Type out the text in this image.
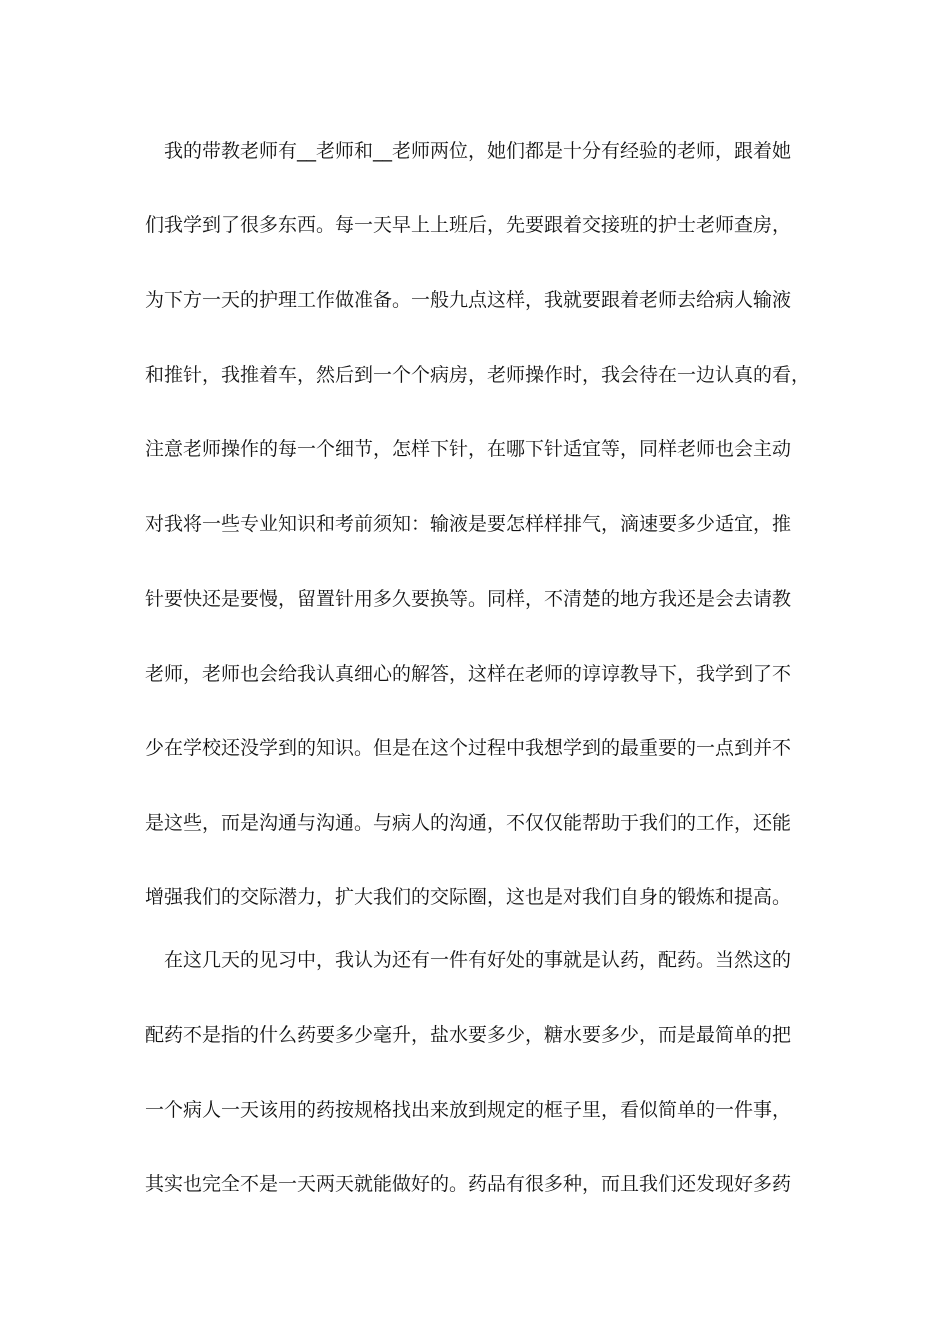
我的带教老师有__老师和__老师两位，她们都是十分有经验的老师，跟着她
们我学到了很多东西。每一天早上上班后，先要跟着交接班的护士老师查房，
为下方一天的护理工作做准备。一般九点这样，我就要跟着老师去给病人输液
和推针，我推着车，然后到一个个病房，老师操作时，我会待在一边认真的看，
注意老师操作的每一个细节，怎样下针，在哪下针适宜等，同样老师也会主动
对我将一些专业知识和考前须知：输液是要怎样样排气，滴速要多少适宜，推
针要快还是要慢，留置针用多久要换等。同样，不清楚的地方我还是会去请教
老师，老师也会给我认真细心的解答，这样在老师的谆谆教导下，我学到了不
少在学校还没学到的知识。但是在这个过程中我想学到的最重要的一点到并不
是这些，而是沟通与沟通。与病人的沟通，不仅仅能帮助于我们的工作，还能
增强我们的交际潜力，扩大我们的交际圈，这也是对我们自身的锻炼和提高。
在这几天的见习中，我认为还有一件有好处的事就是认药，配药。当然这的
配药不是指的什么药要多少毫升，盐水要多少，糖水要多少，而是最简单的把
一个病人一天该用的药按规格找出来放到规定的框子里，看似简单的一件事，
其实也完全不是一天两天就能做好的。药品有很多种，而且我们还发现好多药
